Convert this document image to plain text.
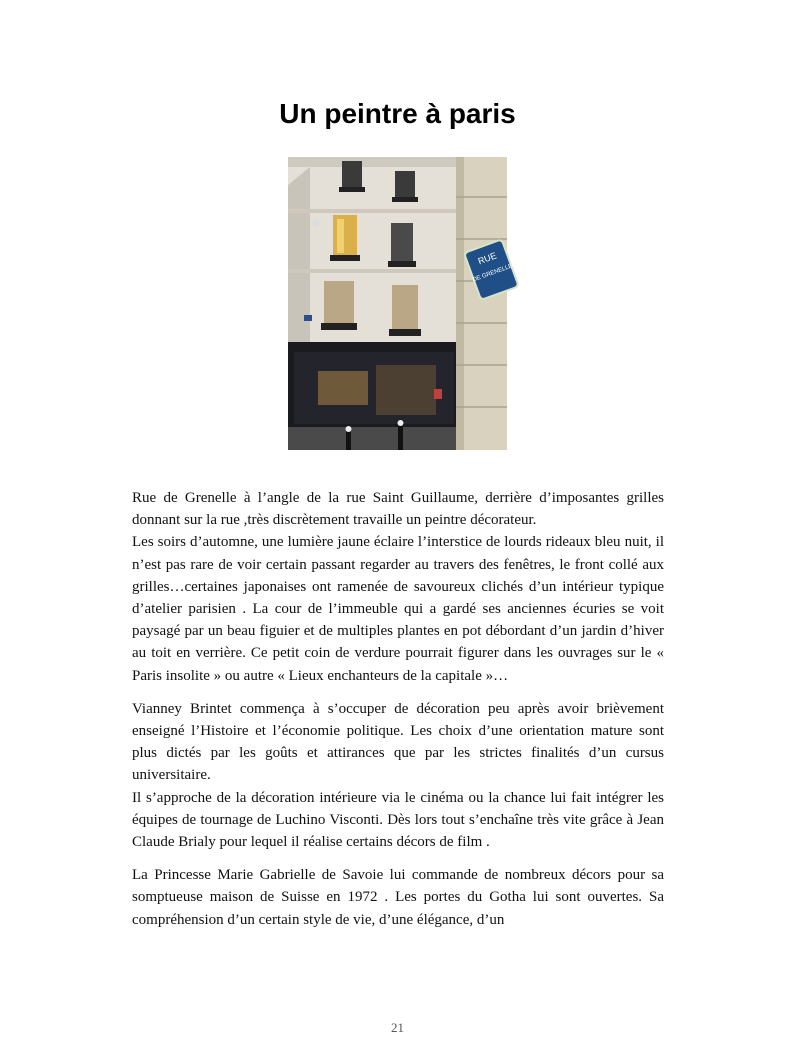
Un peintre à paris
RUE
DE GRENELLE

Rue de Grenelle à l’angle de la rue Saint Guillaume, derrière d’imposantes grilles donnant sur la rue ,très discrètement travaille un peintre décorateur.

Les soirs d’automne, une lumière jaune éclaire l’interstice de lourds rideaux bleu nuit, il n’est pas rare de voir certain passant regarder au travers des fenêtres, le front collé aux grilles…certaines japonaises ont ramenée de savoureux clichés d’un intérieur typique d’atelier parisien . La cour de l’immeuble qui a gardé ses anciennes écuries se voit paysagé par un beau figuier et de multiples plantes en pot débordant d’un jardin d’hiver au toit en verrière. Ce petit coin de verdure pourrait figurer dans les ouvrages sur le « Paris insolite » ou autre « Lieux enchanteurs de la capitale »…

Vianney Brintet commença à s’occuper de décoration peu après avoir brièvement enseigné l’Histoire et l’économie politique. Les choix d’une orientation mature sont plus dictés par les goûts et attirances que par les strictes finalités d’un cursus universitaire.

Il s’approche de la décoration intérieure via le cinéma ou la chance lui fait intégrer les équipes de tournage de Luchino Visconti. Dès lors tout s’enchaîne très vite grâce à Jean Claude Brialy pour lequel il réalise certains décors de film .

La Princesse Marie Gabrielle de Savoie lui commande de nombreux décors pour sa somptueuse maison de Suisse en 1972 . Les portes du Gotha lui sont ouvertes. Sa compréhension d’un certain style de vie, d’une élégance, d’un

21
